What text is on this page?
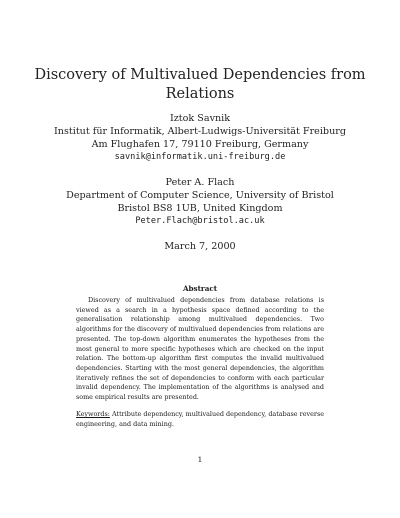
Discovery of Multivalued Dependencies from
Relations
Iztok Savnik
Institut für Informatik, Albert-Ludwigs-Universität Freiburg
Am Flughafen 17, 79110 Freiburg, Germany
savnik@informatik.uni-freiburg.de
Peter A. Flach
Department of Computer Science, University of Bristol
Bristol BS8 1UB, United Kingdom
Peter.Flach@bristol.ac.uk
March 7, 2000
Abstract

Discovery of multivalued dependencies from database relations is viewed as a search in a hypothesis space defined according to the generalisation relationship among multivalued dependencies. Two algorithms for the discovery of multivalued dependencies from relations are presented. The top-down algorithm enumerates the hypotheses from the most general to more specific hypotheses which are checked on the input relation. The bottom-up algorithm first computes the invalid multivalued dependencies. Starting with the most general dependencies, the algorithm iteratively refines the set of dependencies to conform with each particular invalid dependency. The implementation of the algorithms is analysed and some empirical results are presented.

Keywords: Attribute dependency, multivalued dependency, database reverse engineering, and data mining.

1
